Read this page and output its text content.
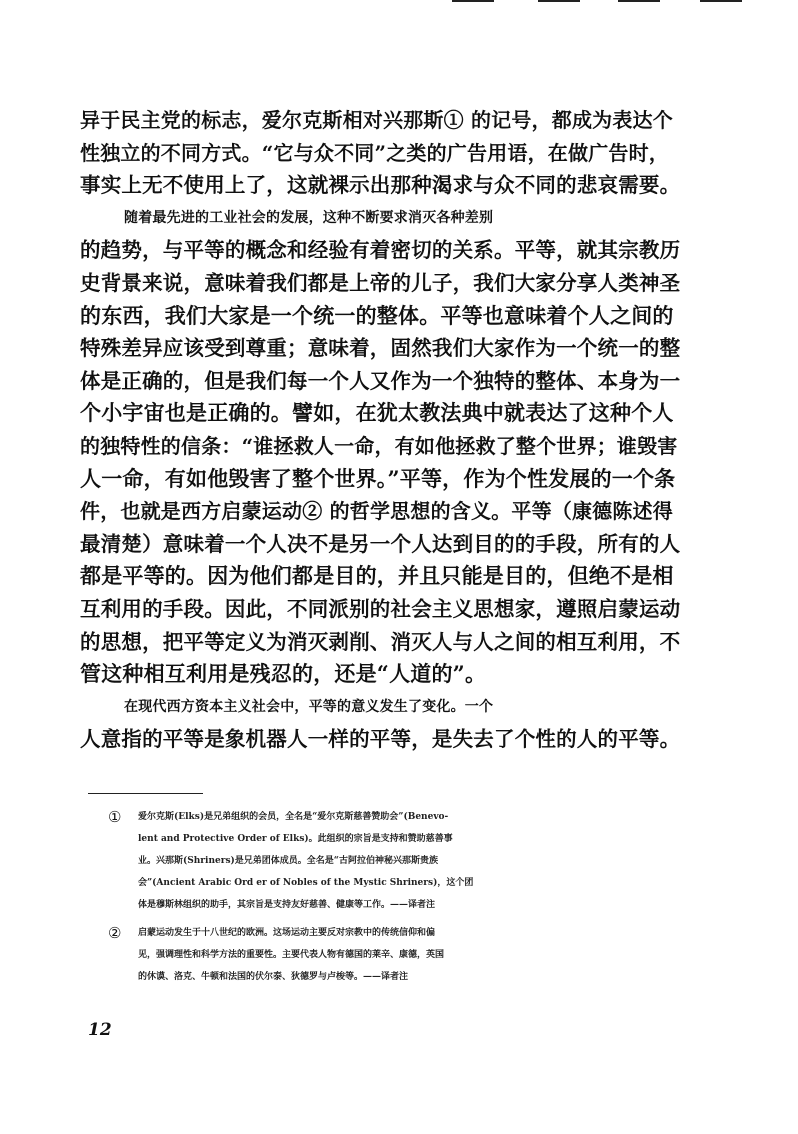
异于民主党的标志，爱尔克斯相对兴那斯① 的记号，都成为表达个
性独立的不同方式。“它与众不同”之类的广告用语，在做广告时，
事实上无不使用上了，这就裸示出那种渴求与众不同的悲哀需要。
随着最先进的工业社会的发展，这种不断要求消灭各种差别
的趋势，与平等的概念和经验有着密切的关系。平等，就其宗教历
史背景来说，意味着我们都是上帝的儿子，我们大家分享人类神圣
的东西，我们大家是一个统一的整体。平等也意味着个人之间的
特殊差异应该受到尊重；意味着，固然我们大家作为一个统一的整
体是正确的，但是我们每一个人又作为一个独特的整体、本身为一
个小宇宙也是正确的。譬如，在犹太教法典中就表达了这种个人
的独特性的信条：“谁拯救人一命，有如他拯救了整个世界；谁毁害
人一命，有如他毁害了整个世界。”平等，作为个性发展的一个条
件，也就是西方启蒙运动② 的哲学思想的含义。平等（康德陈述得
最清楚）意味着一个人决不是另一个人达到目的的手段，所有的人
都是平等的。因为他们都是目的，并且只能是目的，但绝不是相
互利用的手段。因此，不同派别的社会主义思想家，遵照启蒙运动
的思想，把平等定义为消灭剥削、消灭人与人之间的相互利用，不
管这种相互利用是残忍的，还是“人道的”。
在现代西方资本主义社会中，平等的意义发生了变化。一个
人意指的平等是象机器人一样的平等，是失去了个性的人的平等。
① 爱尔克斯(Elks)是兄弟组织的会员，全名是“爱尔克斯慈善赞助会”(Benevo-
lent and Protective Order of Elks)。此组织的宗旨是支持和赞助慈善事
业。兴那斯(Shriners)是兄弟团体成员。全名是“古阿拉伯神秘兴那斯贵族
会”(Ancient Arabic Ord er of Nobles of the Mystic Shriners)，这个团
体是穆斯林组织的助手，其宗旨是支持友好慈善、健康等工作。——译者注
② 启蒙运动发生于十八世纪的欧洲。这场运动主要反对宗教中的传统信仰和偏
见，强调理性和科学方法的重要性。主要代表人物有德国的莱辛、康德，英国
的休谟、洛克、牛顿和法国的伏尔泰、狄德罗与卢梭等。——译者注
12
